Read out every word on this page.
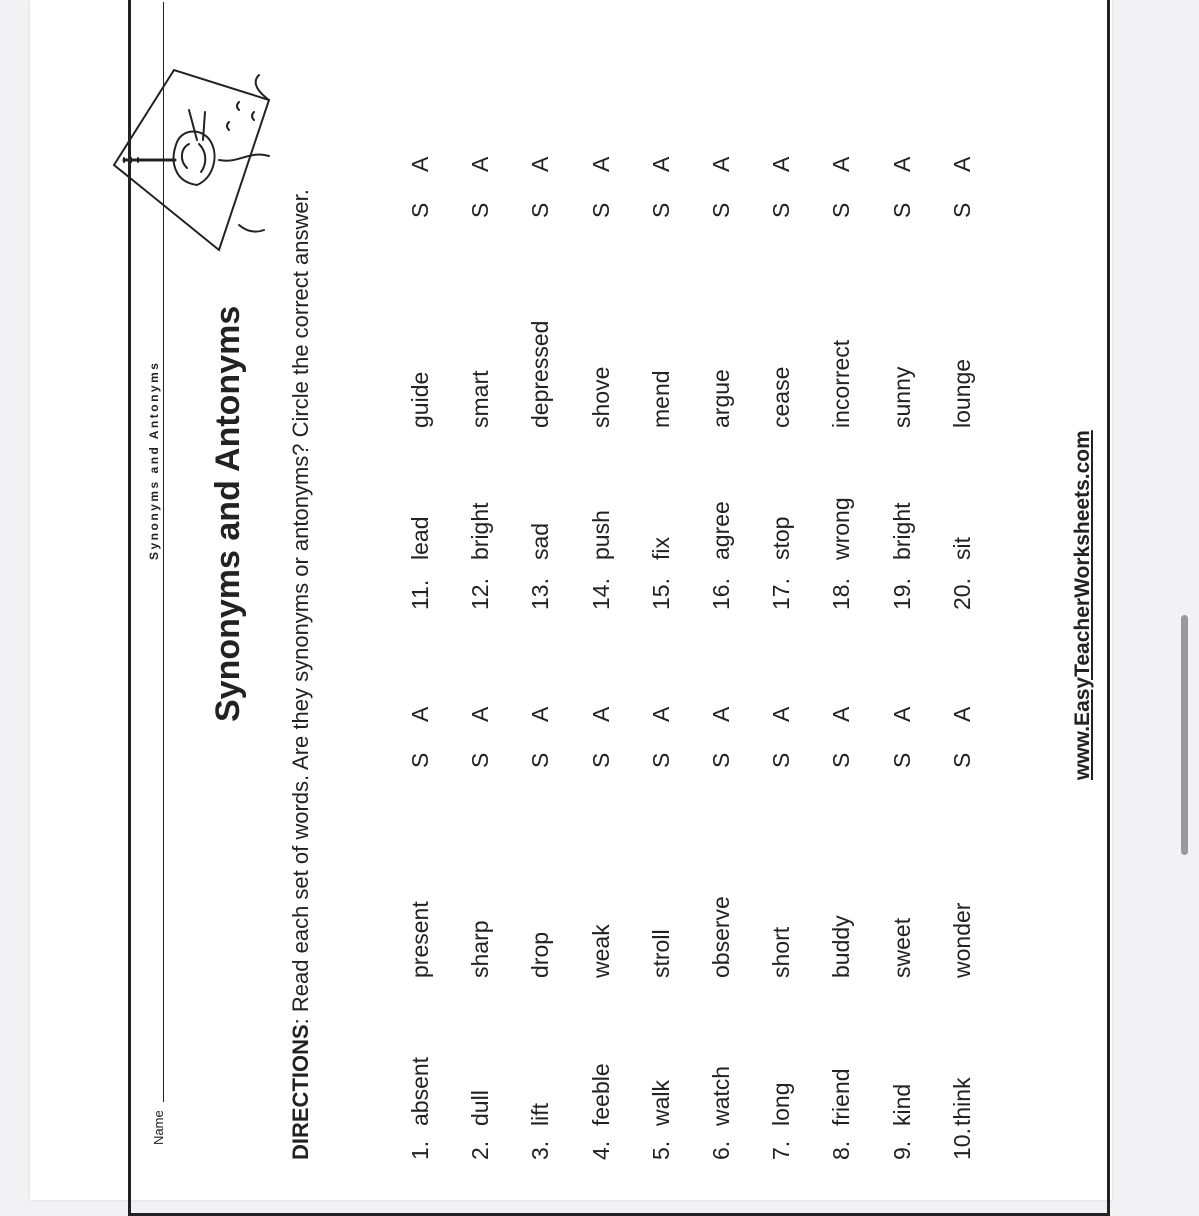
Name
Synonyms and Antonyms Synonyms and Antonyms
DIRECTIONS: Read each set of words. Are they synonyms or antonyms? Circle the correct answer.
1.
absent
present
S
A
2.
dull
sharp
S
A
3.
lift
drop
S
A
4.
feeble
weak
S
A
5.
walk
stroll
S
A
6.
watch
observe
S
A
7.
long
short
S
A
8.
friend
buddy
S
A
9.
kind
sweet
S
A
10.
think
wonder
S
A
11.
lead
guide
S
A
12.
bright
smart
S
A
13.
sad
depressed
S
A
14.
push
shove
S
A
15.
fix
mend
S
A
16.
agree
argue
S
A
17.
stop
cease
S
A
18.
wrong
incorrect
S
A
19.
bright
sunny
S
A
20.
sit
lounge
S
A
www.EasyTeacherWorksheets.com
